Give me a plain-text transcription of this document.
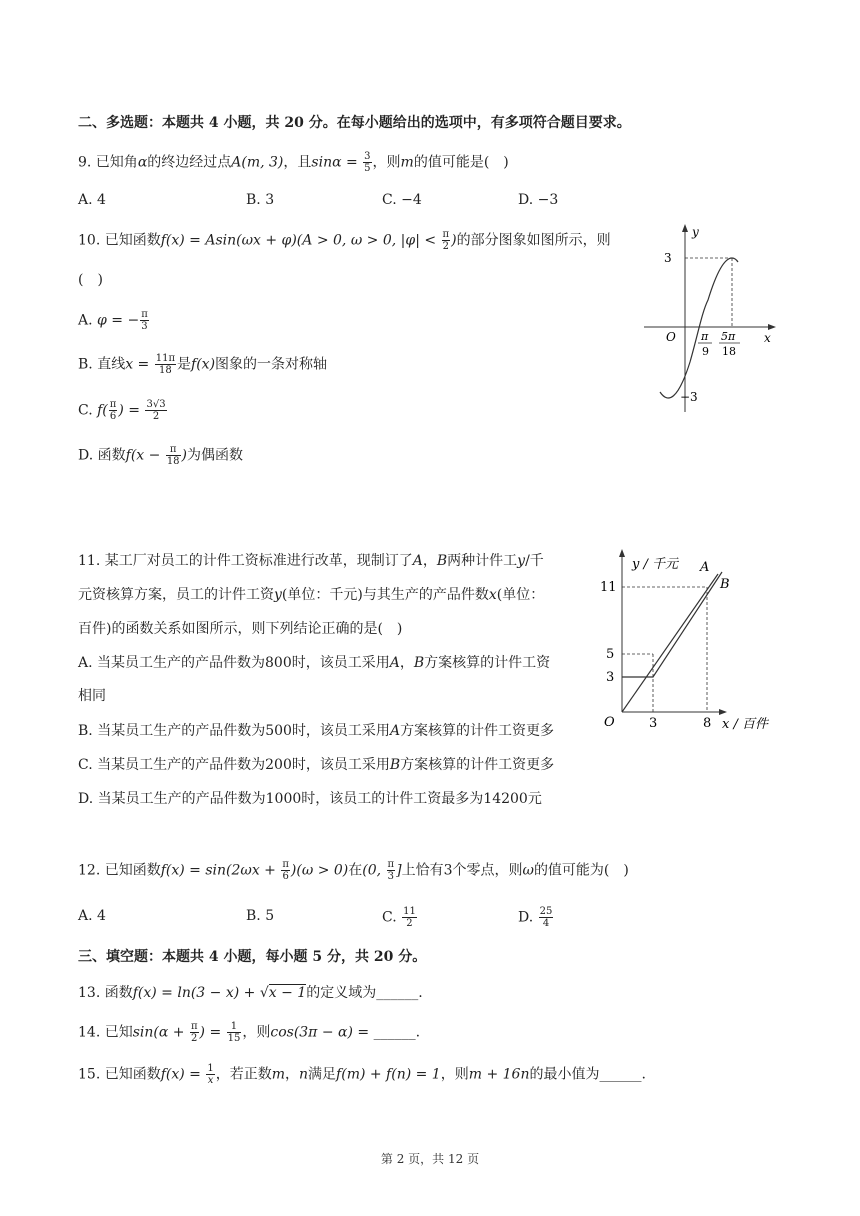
二、多选题：本题共 4 小题，共 20 分。在每小题给出的选项中，有多项符合题目要求。
9. 已知角α的终边经过点A(m, 3)，且$\sin\alpha = \frac{3}{5}$ ，则m的值可能是(　)
A. 4	B. 3	C. −4	D. −3
10. 已知函数f(x) = Asin(ωx + φ)(A > 0, ω > 0, $|\varphi| < \frac{\pi}{2}$ )的部分图象如图所示，则
(　)
A. φ = − $\frac{\pi}{3}$
B. 直线$x = \frac{11\pi}{18}$ 是f(x)图象的一条对称轴
C. $f( \frac{\pi}{6}$ ) = $\frac{3√3}{2}$
D. 函数$f(x - \frac{\pi}{18}$ )为偶函数
y
x
O
3
−3
π
9
5π
18
11. 某工厂对员工的计件工资标准进行改革，现制订了A，B两种计件工y/千
元资核算方案，员工的计件工资y(单位：千元)与其生产的产品件数x(单位：
百件)的函数关系如图所示，则下列结论正确的是(　)
A. 当某员工生产的产品件数为800时，该员工采用A，B方案核算的计件工资
相同
B. 当某员工生产的产品件数为500时，该员工采用A方案核算的计件工资更多
C. 当某员工生产的产品件数为200时，该员工采用B方案核算的计件工资更多
D. 当某员工生产的产品件数为1000时，该员工的计件工资最多为14200元
y / 千元
x / 百件
O
11
5
3
3	8
A
B
12. 已知函数$f(x) = \sin(2\omega x + \frac{\pi}{6} )(\omega > 0)$在(0, $\frac{\pi}{3}$ ]上恰有3个零点，则ω的值可能为(　)
A. 4	B. 5	C. $\frac{11}{2}$	D. $\frac{25}{4}$
三、填空题：本题共 4 小题，每小题 5 分，共 20 分。
13. 函数f(x) = ln(3 − x) + √x − 1的定义域为______.
14. 已知$\sin(\alpha + \frac{\pi}{2}$ ) = $\frac{1}{15}$ ，则cos(3π − α) = ______.
15. 已知函数$f(x) = \frac{1}{x}$ ，若正数m，n满足f(m) + f(n) = 1，则m + 16n的最小值为______.
第 2 页，共 12 页
